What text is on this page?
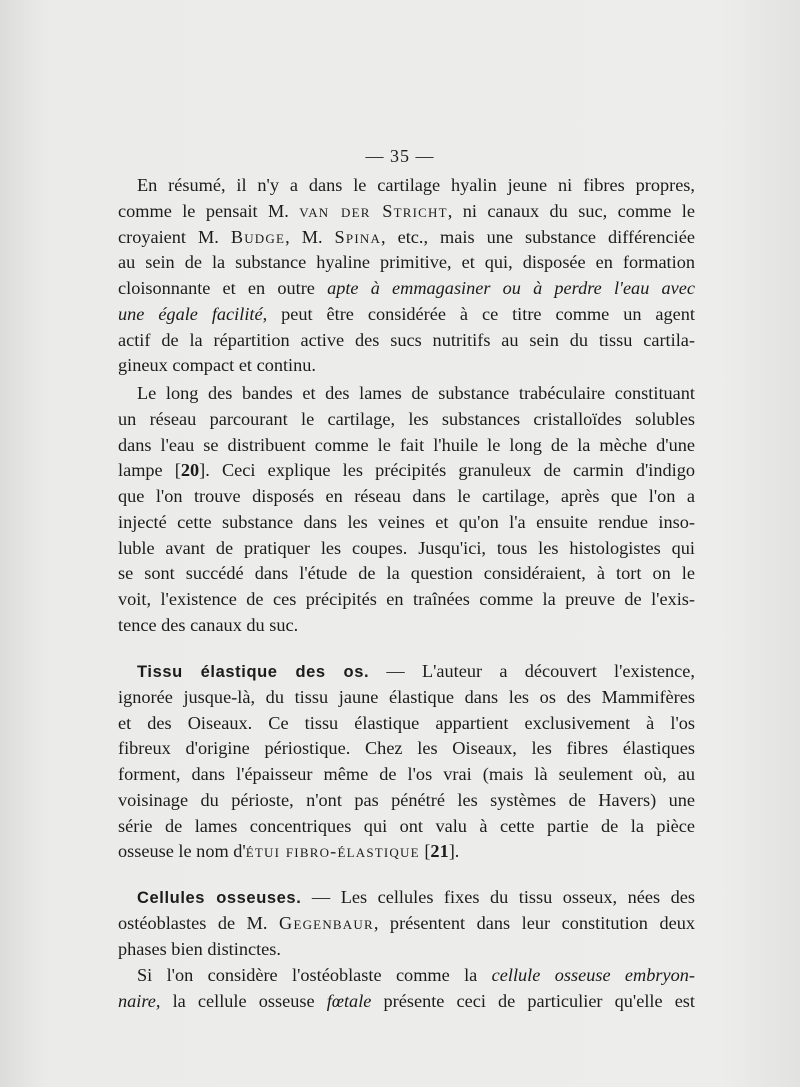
— 35 —
En résumé, il n'y a dans le cartilage hyalin jeune ni fibres propres,
comme le pensait M. van der Stricht, ni canaux du suc, comme le
croyaient M. Budge, M. Spina, etc., mais une substance différenciée
au sein de la substance hyaline primitive, et qui, disposée en formation
cloisonnante et en outre apte à emmagasiner ou à perdre l'eau avec
une égale facilité, peut être considérée à ce titre comme un agent
actif de la répartition active des sucs nutritifs au sein du tissu cartila-
gineux compact et continu.
Le long des bandes et des lames de substance trabéculaire constituant
un réseau parcourant le cartilage, les substances cristalloïdes solubles
dans l'eau se distribuent comme le fait l'huile le long de la mèche d'une
lampe [20]. Ceci explique les précipités granuleux de carmin d'indigo
que l'on trouve disposés en réseau dans le cartilage, après que l'on a
injecté cette substance dans les veines et qu'on l'a ensuite rendue inso-
luble avant de pratiquer les coupes. Jusqu'ici, tous les histologistes qui
se sont succédé dans l'étude de la question considéraient, à tort on le
voit, l'existence de ces précipités en traînées comme la preuve de l'exis-
tence des canaux du suc.
Tissu élastique des os. — L'auteur a découvert l'existence,
ignorée jusque-là, du tissu jaune élastique dans les os des Mammifères
et des Oiseaux. Ce tissu élastique appartient exclusivement à l'os
fibreux d'origine périostique. Chez les Oiseaux, les fibres élastiques
forment, dans l'épaisseur même de l'os vrai (mais là seulement où, au
voisinage du périoste, n'ont pas pénétré les systèmes de Havers) une
série de lames concentriques qui ont valu à cette partie de la pièce
osseuse le nom d'étui fibro-élastique [21].
Cellules osseuses. — Les cellules fixes du tissu osseux, nées des
ostéoblastes de M. Gegenbaur, présentent dans leur constitution deux
phases bien distinctes.
Si l'on considère l'ostéoblaste comme la cellule osseuse embryon-
naire, la cellule osseuse fœtale présente ceci de particulier qu'elle est
